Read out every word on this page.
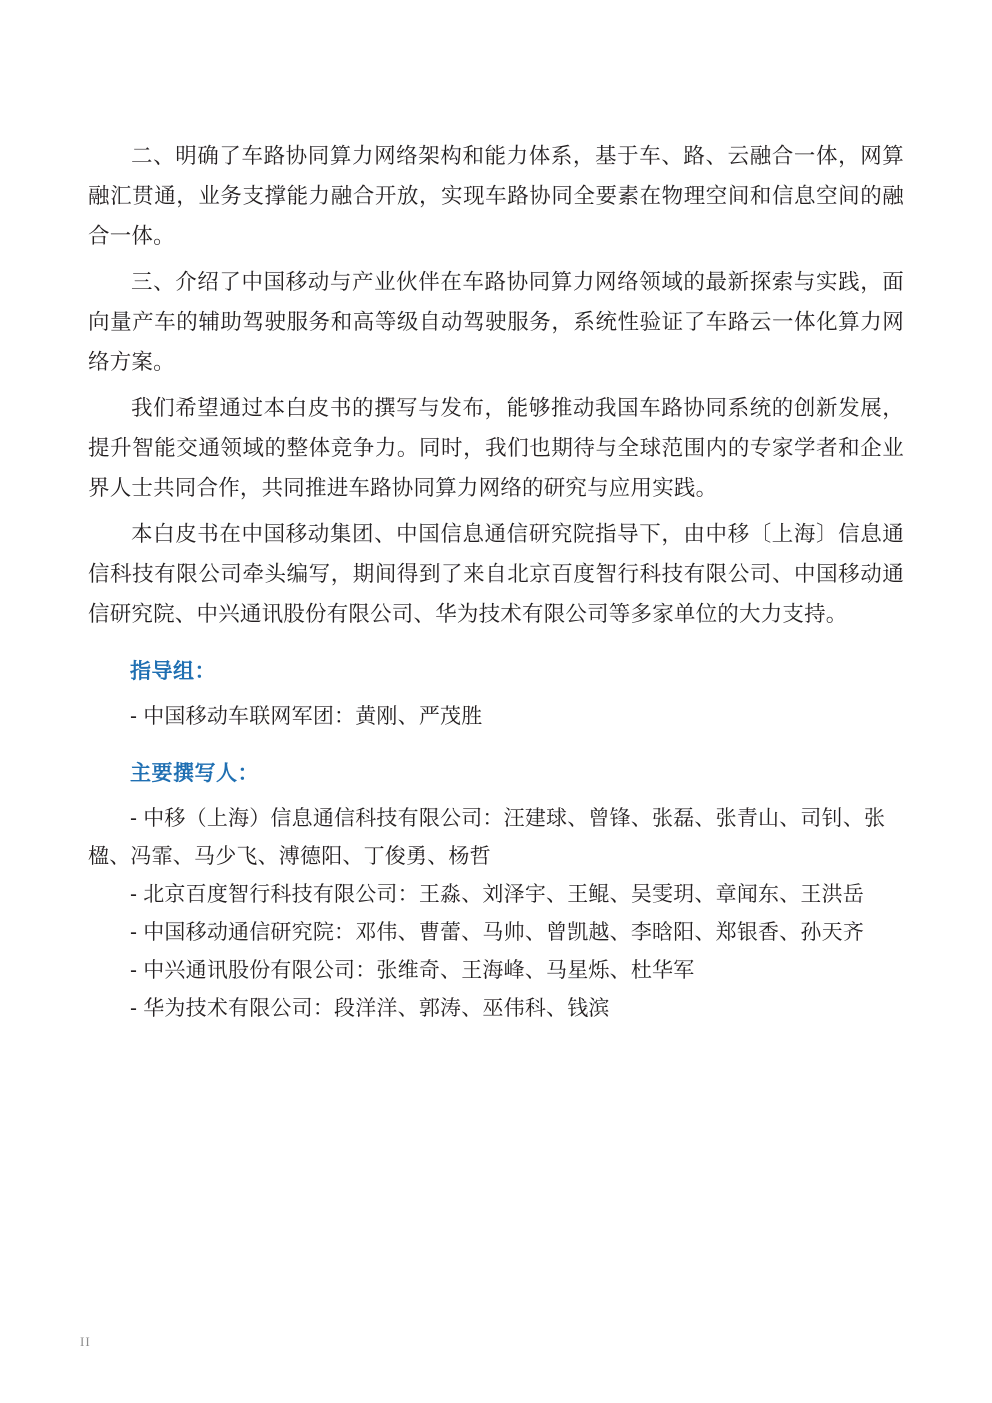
二、明确了车路协同算力网络架构和能力体系，基于车、路、云融合一体，网算融汇贯通，业务支撑能力融合开放，实现车路协同全要素在物理空间和信息空间的融合一体。

三、介绍了中国移动与产业伙伴在车路协同算力网络领域的最新探索与实践，面向量产车的辅助驾驶服务和高等级自动驾驶服务，系统性验证了车路云一体化算力网络方案。

我们希望通过本白皮书的撰写与发布，能够推动我国车路协同系统的创新发展，提升智能交通领域的整体竞争力。同时，我们也期待与全球范围内的专家学者和企业界人士共同合作，共同推进车路协同算力网络的研究与应用实践。

本白皮书在中国移动集团、中国信息通信研究院指导下，由中移〔上海〕信息通信科技有限公司牵头编写，期间得到了来自北京百度智行科技有限公司、中国移动通信研究院、中兴通讯股份有限公司、华为技术有限公司等多家单位的大力支持。

指导组：
- 中国移动车联网军团：黄刚、严茂胜
主要撰写人：
- 中移（上海）信息通信科技有限公司：汪建球、曾锋、张磊、张青山、司钊、张楹、冯霏、马少飞、溥德阳、丁俊勇、杨哲
- 北京百度智行科技有限公司：王淼、刘泽宇、王鲲、吴雯玥、章闻东、王洪岳
- 中国移动通信研究院：邓伟、曹蕾、马帅、曾凯越、李晗阳、郑银香、孙天齐
- 中兴通讯股份有限公司：张维奇、王海峰、马星烁、杜华军
- 华为技术有限公司：段洋洋、郭涛、巫伟科、钱滨
II
